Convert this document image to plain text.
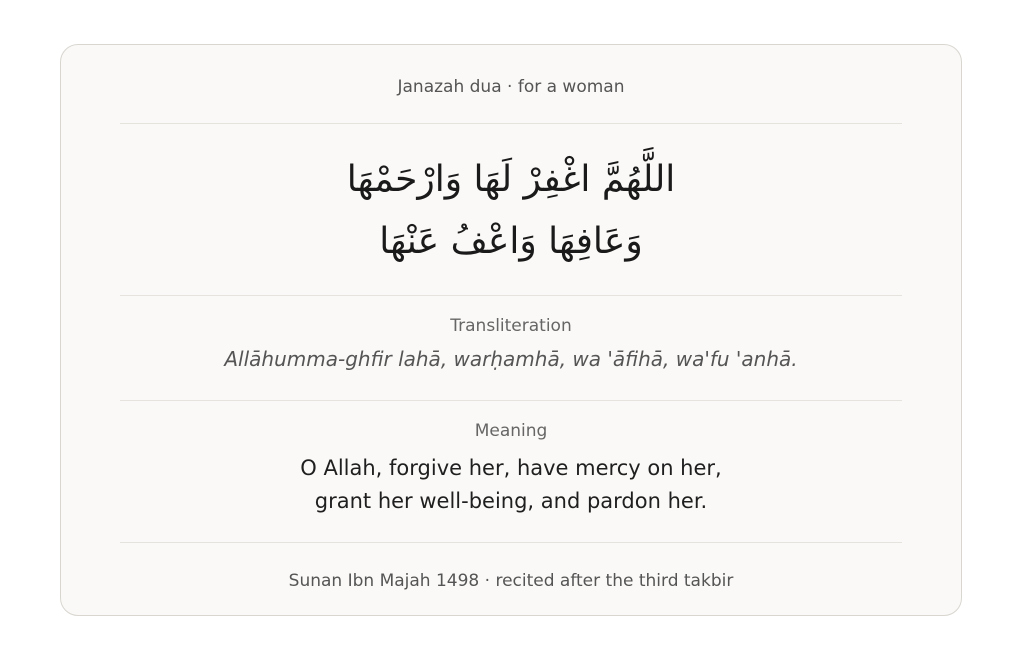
Janazah dua · for a woman
اللَّهُمَّ اغْفِرْ لَهَا وَارْحَمْهَا
وَعَافِهَا وَاعْفُ عَنْهَا
Transliteration
Allāhumma-ghfir lahā, warḥamhā, wa 'āfihā, wa'fu 'anhā.
Meaning
O Allah, forgive her, have mercy on her,
grant her well-being, and pardon her.
Sunan Ibn Majah 1498 · recited after the third takbir
